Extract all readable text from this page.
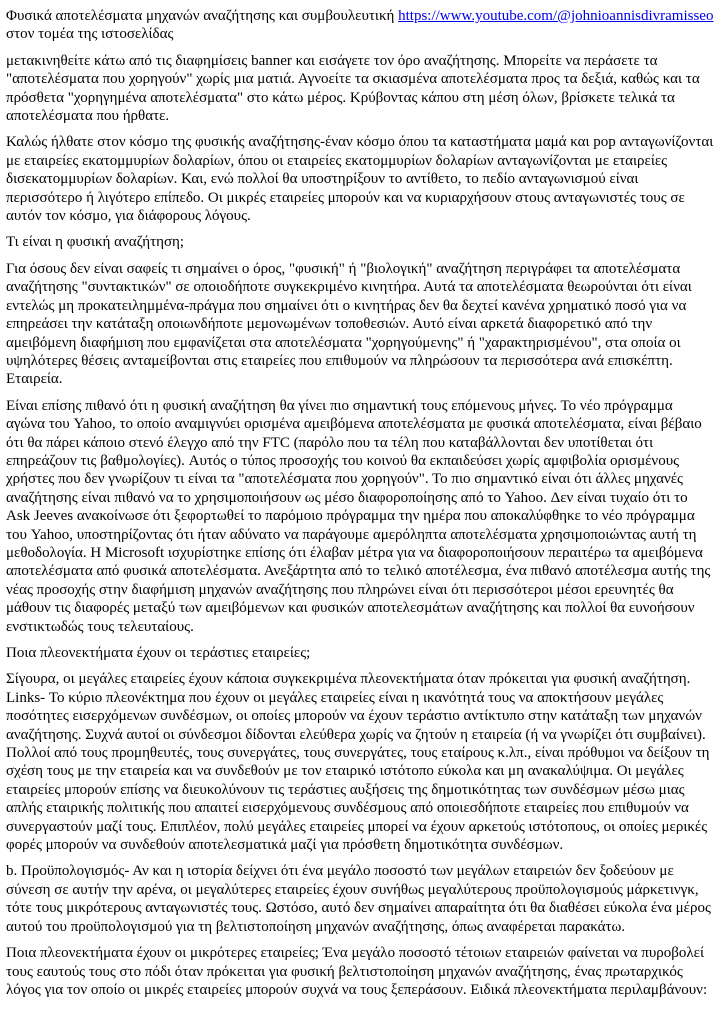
Φυσικά αποτελέσματα μηχανών αναζήτησης και συμβουλευτική https://www.youtube.com/@johnioannisdivramisseo στον τομέα της ιστοσελίδας

μετακινηθείτε κάτω από τις διαφημίσεις banner και εισάγετε τον όρο αναζήτησης. Μπορείτε να περάσετε τα "αποτελέσματα που χορηγούν" χωρίς μια ματιά. Αγνοείτε τα σκιασμένα αποτελέσματα προς τα δεξιά, καθώς και τα πρόσθετα "χορηγημένα αποτελέσματα" στο κάτω μέρος. Κρύβοντας κάπου στη μέση όλων, βρίσκετε τελικά τα αποτελέσματα που ήρθατε.

Καλώς ήλθατε στον κόσμο της φυσικής αναζήτησης-έναν κόσμο όπου τα καταστήματα μαμά και pop ανταγωνίζονται με εταιρείες εκατομμυρίων δολαρίων, όπου οι εταιρείες εκατομμυρίων δολαρίων ανταγωνίζονται με εταιρείες δισεκατομμυρίων δολαρίων. Και, ενώ πολλοί θα υποστηρίξουν το αντίθετο, το πεδίο ανταγωνισμού είναι περισσότερο ή λιγότερο επίπεδο. Οι μικρές εταιρείες μπορούν και να κυριαρχήσουν στους ανταγωνιστές τους σε αυτόν τον κόσμο, για διάφορους λόγους.

Τι είναι η φυσική αναζήτηση;

Για όσους δεν είναι σαφείς τι σημαίνει ο όρος, "φυσική" ή "βιολογική" αναζήτηση περιγράφει τα αποτελέσματα αναζήτησης "συντακτικών" σε οποιοδήποτε συγκεκριμένο κινητήρα. Αυτά τα αποτελέσματα θεωρούνται ότι είναι εντελώς μη προκατειλημμένα-πράγμα που σημαίνει ότι ο κινητήρας δεν θα δεχτεί κανένα χρηματικό ποσό για να επηρεάσει την κατάταξη οποιωνδήποτε μεμονωμένων τοποθεσιών. Αυτό είναι αρκετά διαφορετικό από την αμειβόμενη διαφήμιση που εμφανίζεται στα αποτελέσματα "χορηγούμενης" ή "χαρακτηρισμένου", στα οποία οι υψηλότερες θέσεις ανταμείβονται στις εταιρείες που επιθυμούν να πληρώσουν τα περισσότερα ανά επισκέπτη. Εταιρεία.

Είναι επίσης πιθανό ότι η φυσική αναζήτηση θα γίνει πιο σημαντική τους επόμενους μήνες. Το νέο πρόγραμμα αγώνα του Yahoo, το οποίο αναμιγνύει ορισμένα αμειβόμενα αποτελέσματα με φυσικά αποτελέσματα, είναι βέβαιο ότι θα πάρει κάποιο στενό έλεγχο από την FTC (παρόλο που τα τέλη που καταβάλλονται δεν υποτίθεται ότι επηρεάζουν τις βαθμολογίες). Αυτός ο τύπος προσοχής του κοινού θα εκπαιδεύσει χωρίς αμφιβολία ορισμένους χρήστες που δεν γνωρίζουν τι είναι τα "αποτελέσματα που χορηγούν". Το πιο σημαντικό είναι ότι άλλες μηχανές αναζήτησης είναι πιθανό να το χρησιμοποιήσουν ως μέσο διαφοροποίησης από το Yahoo. Δεν είναι τυχαίο ότι το Ask Jeeves ανακοίνωσε ότι ξεφορτωθεί το παρόμοιο πρόγραμμα την ημέρα που αποκαλύφθηκε το νέο πρόγραμμα του Yahoo, υποστηρίζοντας ότι ήταν αδύνατο να παράγουμε αμερόληπτα αποτελέσματα χρησιμοποιώντας αυτή τη μεθοδολογία. Η Microsoft ισχυρίστηκε επίσης ότι έλαβαν μέτρα για να διαφοροποιήσουν περαιτέρω τα αμειβόμενα αποτελέσματα από φυσικά αποτελέσματα. Ανεξάρτητα από το τελικό αποτέλεσμα, ένα πιθανό αποτέλεσμα αυτής της νέας προσοχής στην διαφήμιση μηχανών αναζήτησης που πληρώνει είναι ότι περισσότεροι μέσοι ερευνητές θα μάθουν τις διαφορές μεταξύ των αμειβόμενων και φυσικών αποτελεσμάτων αναζήτησης και πολλοί θα ευνοήσουν ενστικτωδώς τους τελευταίους.

Ποια πλεονεκτήματα έχουν οι τεράστιες εταιρείες;

Σίγουρα, οι μεγάλες εταιρείες έχουν κάποια συγκεκριμένα πλεονεκτήματα όταν πρόκειται για φυσική αναζήτηση. Links- Το κύριο πλεονέκτημα που έχουν οι μεγάλες εταιρείες είναι η ικανότητά τους να αποκτήσουν μεγάλες ποσότητες εισερχόμενων συνδέσμων, οι οποίες μπορούν να έχουν τεράστιο αντίκτυπο στην κατάταξη των μηχανών αναζήτησης. Συχνά αυτοί οι σύνδεσμοι δίδονται ελεύθερα χωρίς να ζητούν η εταιρεία (ή να γνωρίζει ότι συμβαίνει). Πολλοί από τους προμηθευτές, τους συνεργάτες, τους συνεργάτες, τους εταίρους κ.λπ., είναι πρόθυμοι να δείξουν τη σχέση τους με την εταιρεία και να συνδεθούν με τον εταιρικό ιστότοπο εύκολα και μη ανακαλύψιμα. Οι μεγάλες εταιρείες μπορούν επίσης να διευκολύνουν τις τεράστιες αυξήσεις της δημοτικότητας των συνδέσμων μέσω μιας απλής εταιρικής πολιτικής που απαιτεί εισερχόμενους συνδέσμους από οποιεσδήποτε εταιρείες που επιθυμούν να συνεργαστούν μαζί τους. Επιπλέον, πολύ μεγάλες εταιρείες μπορεί να έχουν αρκετούς ιστότοπους, οι οποίες μερικές φορές μπορούν να συνδεθούν αποτελεσματικά μαζί για πρόσθετη δημοτικότητα συνδέσμων.

b. Προϋπολογισμός- Αν και η ιστορία δείχνει ότι ένα μεγάλο ποσοστό των μεγάλων εταιρειών δεν ξοδεύουν με σύνεση σε αυτήν την αρένα, οι μεγαλύτερες εταιρείες έχουν συνήθως μεγαλύτερους προϋπολογισμούς μάρκετινγκ, τότε τους μικρότερους ανταγωνιστές τους. Ωστόσο, αυτό δεν σημαίνει απαραίτητα ότι θα διαθέσει εύκολα ένα μέρος αυτού του προϋπολογισμού για τη βελτιστοποίηση μηχανών αναζήτησης, όπως αναφέρεται παρακάτω.

Ποια πλεονεκτήματα έχουν οι μικρότερες εταιρείες; Ένα μεγάλο ποσοστό τέτοιων εταιρειών φαίνεται να πυροβολεί τους εαυτούς τους στο πόδι όταν πρόκειται για φυσική βελτιστοποίηση μηχανών αναζήτησης, ένας πρωταρχικός λόγος για τον οποίο οι μικρές εταιρείες μπορούν συχνά να τους ξεπεράσουν. Ειδικά πλεονεκτήματα περιλαμβάνουν:
